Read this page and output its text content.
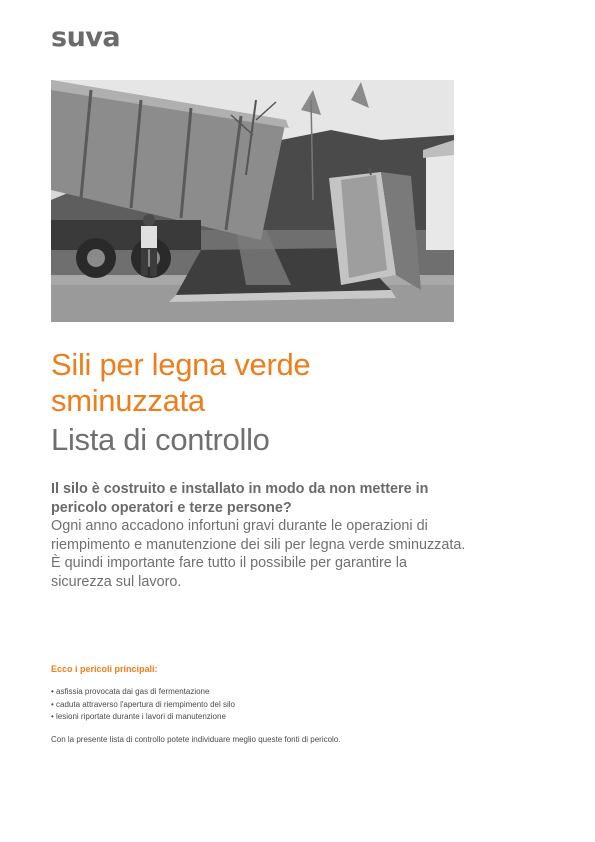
suva
Sili per legna verde
sminuzzata
Lista di controllo
Il silo è costruito e installato in modo da non mettere in pericolo operatori e terze persone?
Ogni anno accadono infortuni gravi durante le operazioni di riempimento e manutenzione dei sili per legna verde sminuzzata. È quindi importante fare tutto il possibile per garantire la sicurezza sul lavoro.
Ecco i pericoli principali:
• asfissia provocata dai gas di fermentazione
• caduta attraverso l'apertura di riempimento del silo
• lesioni riportate durante i lavori di manutenzione
Con la presente lista di controllo potete individuare meglio queste fonti di pericolo.
